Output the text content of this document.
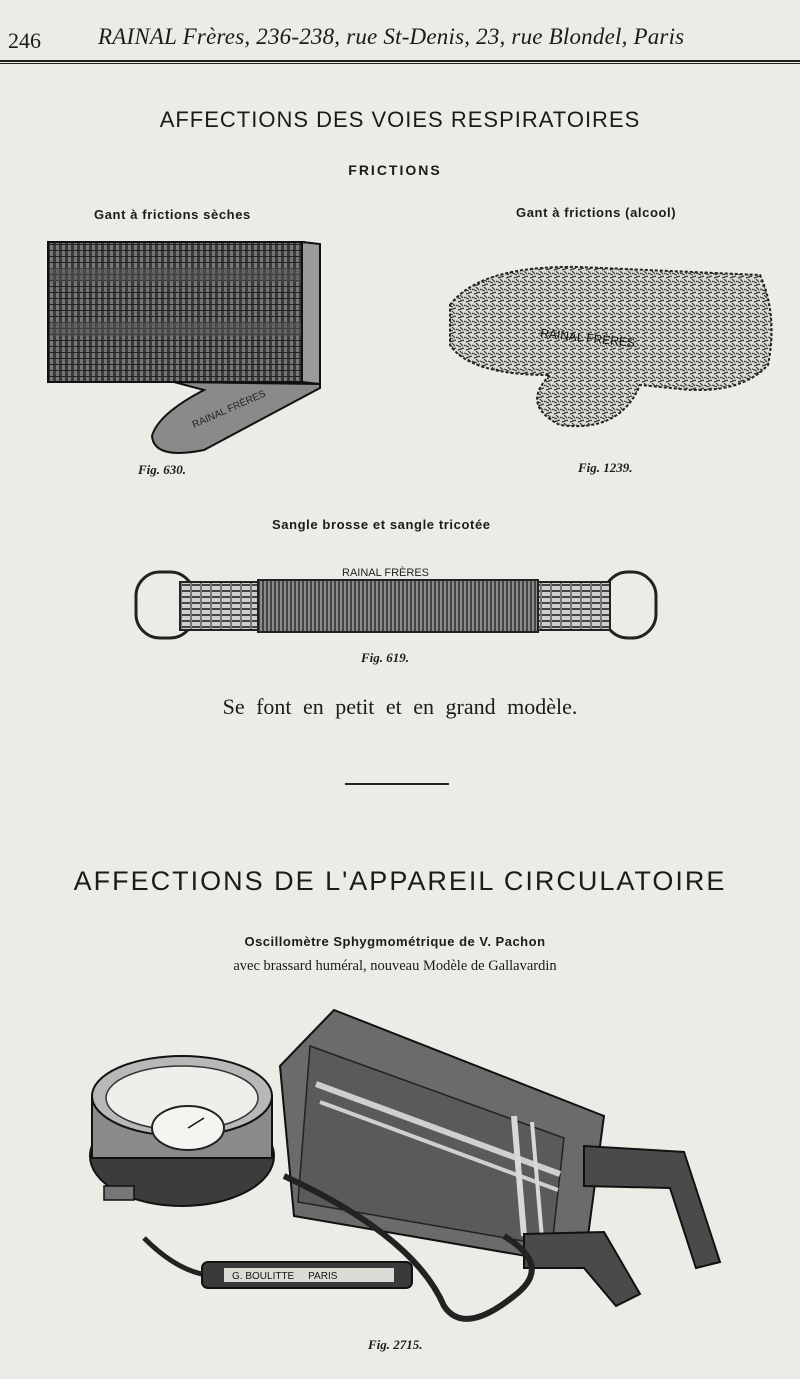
246 RAINAL Frères, 236-238, rue St-Denis, 23, rue Blondel, Paris
AFFECTIONS DES VOIES RESPIRATOIRES
FRICTIONS
Gant à frictions sèches	Gant à frictions (alcool)
RAINAL FRÈRES
Fig. 630.
RAINAL FRÈRES
Fig. 1239.
Sangle brosse et sangle tricotée
RAINAL FRÈRES
Fig. 619.
Se font en petit et en grand modèle.
AFFECTIONS DE L'APPAREIL CIRCULATOIRE
Oscillomètre Sphygmométrique de V. Pachon
avec brassard huméral, nouveau Modèle de Gallavardin
G. BOULITTE     PARIS
Fig. 2715.
